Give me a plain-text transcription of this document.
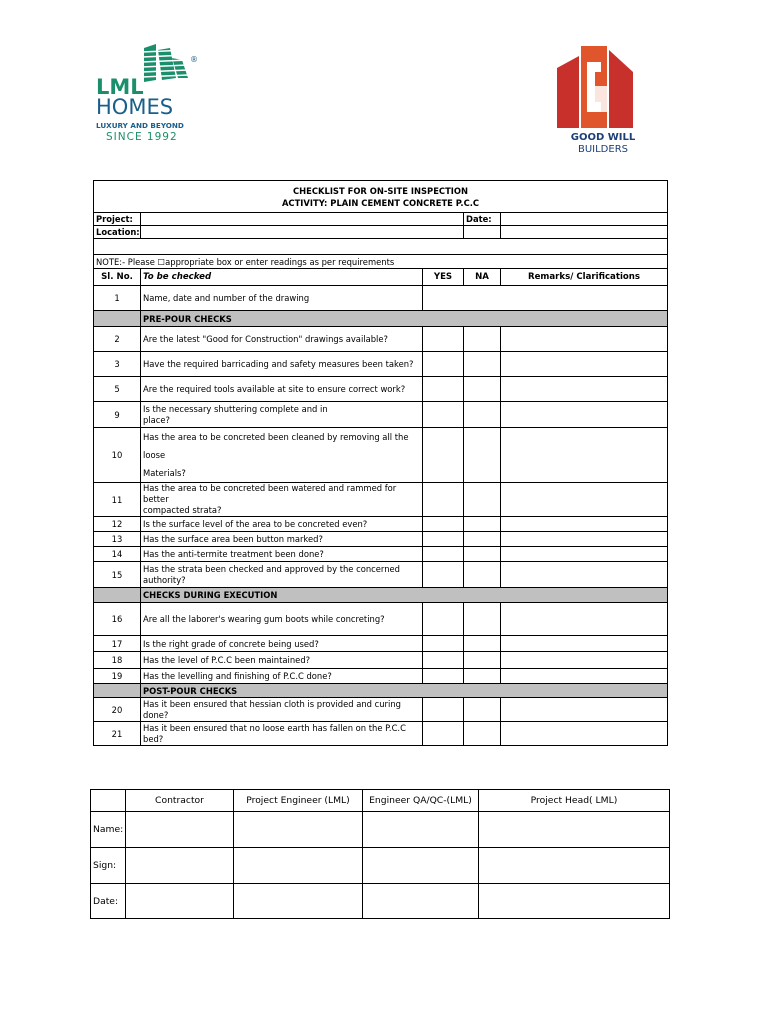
®
LML
HOMES
LUXURY AND BEYOND
SINCE 1992	GOOD WILL
BUILDERS
CHECKLIST FOR ON-SITE INSPECTION
ACTIVITY: PLAIN CEMENT CONCRETE P.C.C				

Project:			Date:	
Location:				

NOTE:- Please ☐appropriate box or enter readings as per requirements				
Sl. No.	To be checked	YES	NA	Remarks/ Clarifications
1	Name, date and number of the drawing			
	PRE-POUR CHECKS			
2	Are the latest "Good for Construction" drawings available?			
3	Have the required barricading and safety measures been taken?			
5	Are the required tools available at site to ensure correct work?			
9	Is the necessary shuttering complete and in
place?			

10	Has the area to be concreted been cleaned by removing all the loose
Materials?			

11	Has the area to be concreted been watered and rammed for better
compacted strata?			

12	Is the surface level of the area to be concreted even?			
13	Has the surface area been button marked?			
14	Has the anti-termite treatment been done?			
15	Has the strata been checked and approved by the concerned
authority?			

	CHECKS DURING EXECUTION			
16	Are all the laborer's wearing gum boots while concreting?			
17	Is the right grade of concrete being used?			
18	Has the level of P.C.C been maintained?			
19	Has the levelling and finishing of P.C.C done?			
	POST-POUR CHECKS			
20	Has it been ensured that hessian cloth is provided and curing
done?			

21	Has it been ensured that no loose earth has fallen on the P.C.C
bed?			

	Contractor	Project Engineer (LML)	Engineer QA/QC-(LML)	Project Head( LML)
Name:				
Sign:				
Date:				
